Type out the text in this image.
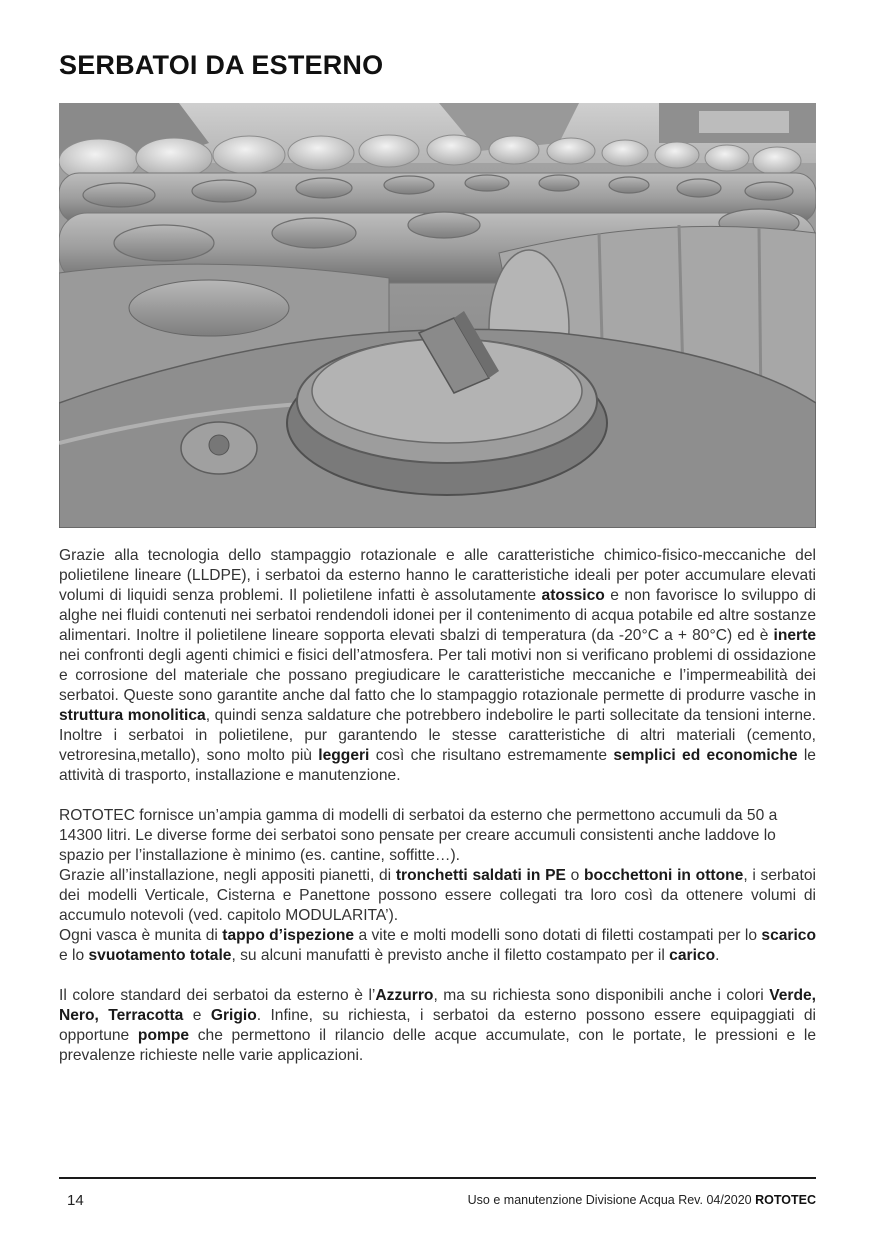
SERBATOI DA ESTERNO

Grazie alla tecnologia dello stampaggio rotazionale e alle caratteristiche chimico-fisico-meccaniche del polietilene lineare (LLDPE), i serbatoi da esterno hanno le caratteristiche ideali per poter accumulare elevati volumi di liquidi senza problemi. Il polietilene infatti è assolutamente atossico e non favorisce lo sviluppo di alghe nei fluidi contenuti nei serbatoi rendendoli idonei per il contenimento di acqua potabile ed altre sostanze alimentari. Inoltre il polietilene lineare sopporta elevati sbalzi di temperatura (da -20°C a + 80°C) ed è inerte nei confronti degli agenti chimici e fisici dell’atmosfera. Per tali motivi non si verificano problemi di ossidazione e corrosione del materiale che possano pregiudicare le caratteristiche meccaniche e l’impermeabilità dei serbatoi. Queste sono garantite anche dal fatto che lo stampaggio rotazionale permette di produrre vasche in struttura monolitica, quindi senza saldature che potrebbero indebolire le parti sollecitate da tensioni interne. Inoltre i serbatoi in polietilene, pur garantendo le stesse caratteristiche di altri materiali (cemento, vetroresina,metallo), sono molto più leggeri così che risultano estremamente semplici ed economiche le attività di trasporto, installazione e manutenzione.

ROTOTEC fornisce un’ampia gamma di modelli di serbatoi da esterno che permettono accumuli da 50 a 14300 litri. Le diverse forme dei serbatoi sono pensate per creare accumuli consistenti anche laddove lo spazio per l’installazione è minimo (es. cantine, soffitte…).

Grazie all’installazione, negli appositi pianetti, di tronchetti saldati in PE o bocchettoni in ottone, i serbatoi dei modelli Verticale, Cisterna e Panettone possono essere collegati tra loro così da ottenere volumi di accumulo notevoli (ved. capitolo MODULARITA’).

Ogni vasca è munita di tappo d’ispezione a vite e molti modelli sono dotati di filetti costampati per lo scarico e lo svuotamento totale, su alcuni manufatti è previsto anche il filetto costampato per il carico.

Il colore standard dei serbatoi da esterno è l’Azzurro, ma su richiesta sono disponibili anche i colori Verde, Nero, Terracotta e Grigio. Infine, su richiesta, i serbatoi da esterno possono essere equipaggiati di opportune pompe che permettono il rilancio delle acque accumulate, con le portate, le pressioni e le prevalenze richieste nelle varie applicazioni.

14	Uso e manutenzione Divisione Acqua Rev. 04/2020 ROTOTEC
